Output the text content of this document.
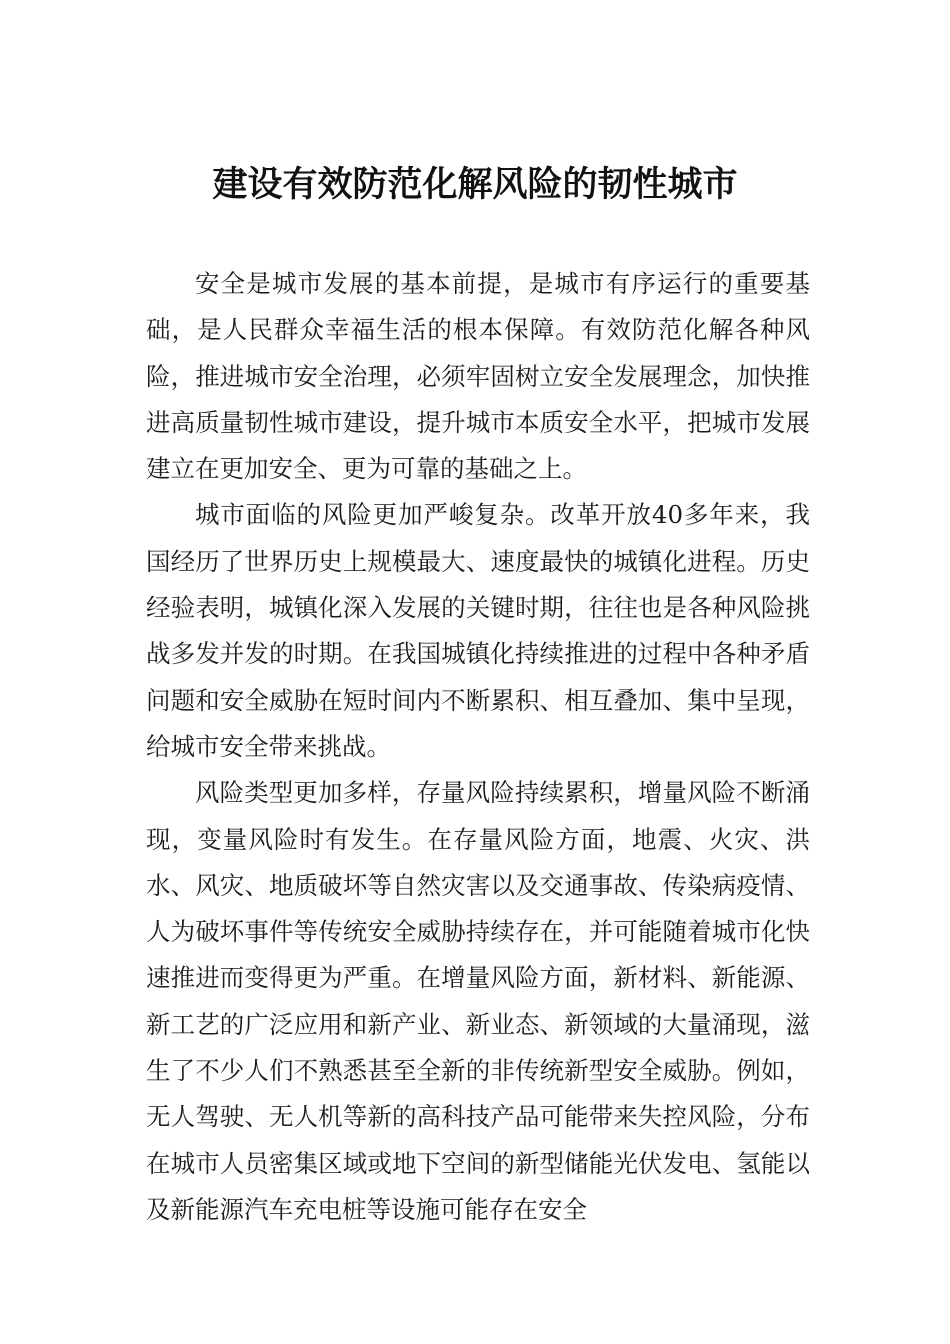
建设有效防范化解风险的韧性城市

安全是城市发展的基本前提，是城市有序运行的重要基础，是人民群众幸福生活的根本保障。有效防范化解各种风险，推进城市安全治理，必须牢固树立安全发展理念，加快推进高质量韧性城市建设，提升城市本质安全水平，把城市发展建立在更加安全、更为可靠的基础之上。

城市面临的风险更加严峻复杂。改革开放40多年来，我国经历了世界历史上规模最大、速度最快的城镇化进程。历史经验表明，城镇化深入发展的关键时期，往往也是各种风险挑战多发并发的时期。在我国城镇化持续推进的过程中各种矛盾问题和安全威胁在短时间内不断累积、相互叠加、集中呈现，给城市安全带来挑战。

风险类型更加多样，存量风险持续累积，增量风险不断涌现，变量风险时有发生。在存量风险方面，地震、火灾、洪水、风灾、地质破坏等自然灾害以及交通事故、传染病疫情、人为破坏事件等传统安全威胁持续存在，并可能随着城市化快速推进而变得更为严重。在增量风险方面，新材料、新能源、新工艺的广泛应用和新产业、新业态、新领域的大量涌现，滋生了不少人们不熟悉甚至全新的非传统新型安全威胁。例如，无人驾驶、无人机等新的高科技产品可能带来失控风险，分布在城市人员密集区域或地下空间的新型储能光伏发电、氢能以及新能源汽车充电桩等设施可能存在安全
